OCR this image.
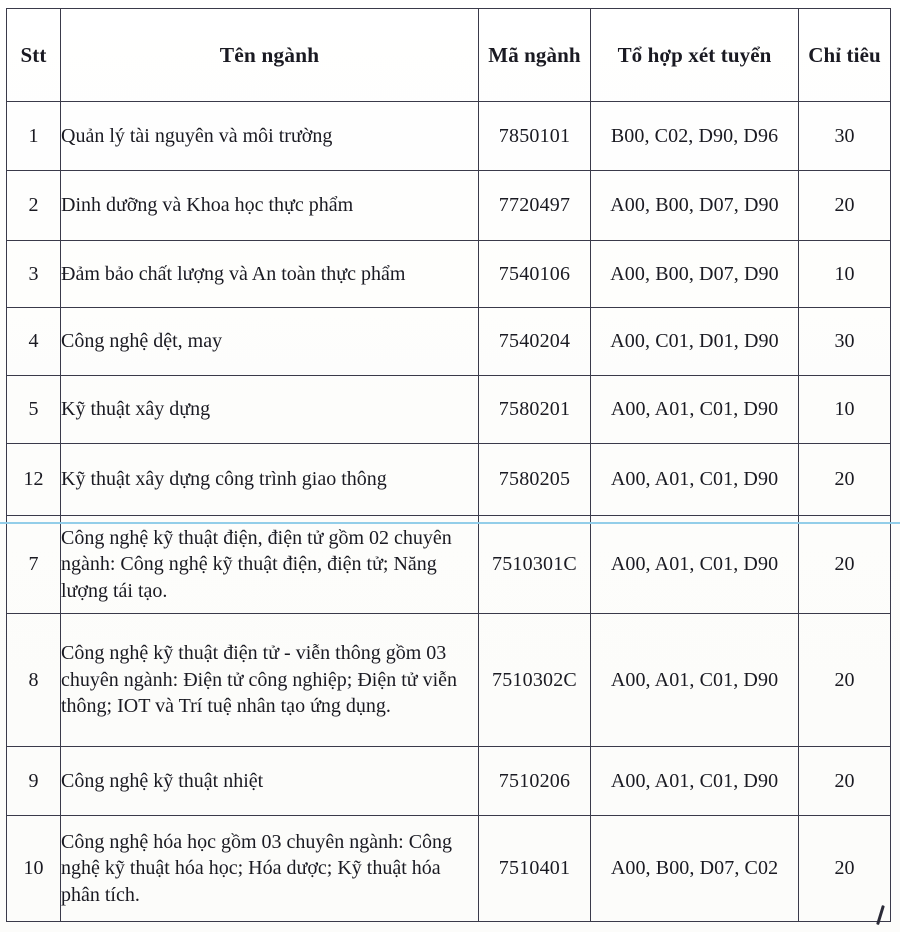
Stt	Tên ngành	Mã ngành	Tổ hợp xét tuyển	Chỉ tiêu
1	Quản lý tài nguyên và môi trường	7850101	B00, C02, D90, D96	30
2	Dinh dưỡng và Khoa học thực phẩm	7720497	A00, B00, D07, D90	20
3	Đảm bảo chất lượng và An toàn thực phẩm	7540106	A00, B00, D07, D90	10
4	Công nghệ dệt, may	7540204	A00, C01, D01, D90	30
5	Kỹ thuật xây dựng	7580201	A00, A01, C01, D90	10
12	Kỹ thuật xây dựng công trình giao thông	7580205	A00, A01, C01, D90	20
7	Công nghệ kỹ thuật điện, điện tử gồm 02 chuyên ngành: Công nghệ kỹ thuật điện, điện tử; Năng lượng tái tạo.	7510301C	A00, A01, C01, D90	20
8	Công nghệ kỹ thuật điện tử - viễn thông gồm 03 chuyên ngành: Điện tử công nghiệp; Điện tử viễn thông; IOT và Trí tuệ nhân tạo ứng dụng.	7510302C	A00, A01, C01, D90	20
9	Công nghệ kỹ thuật nhiệt	7510206	A00, A01, C01, D90	20
10	Công nghệ hóa học gồm 03 chuyên ngành: Công nghệ kỹ thuật hóa học; Hóa dược; Kỹ thuật hóa phân tích.	7510401	A00, B00, D07, C02	20
